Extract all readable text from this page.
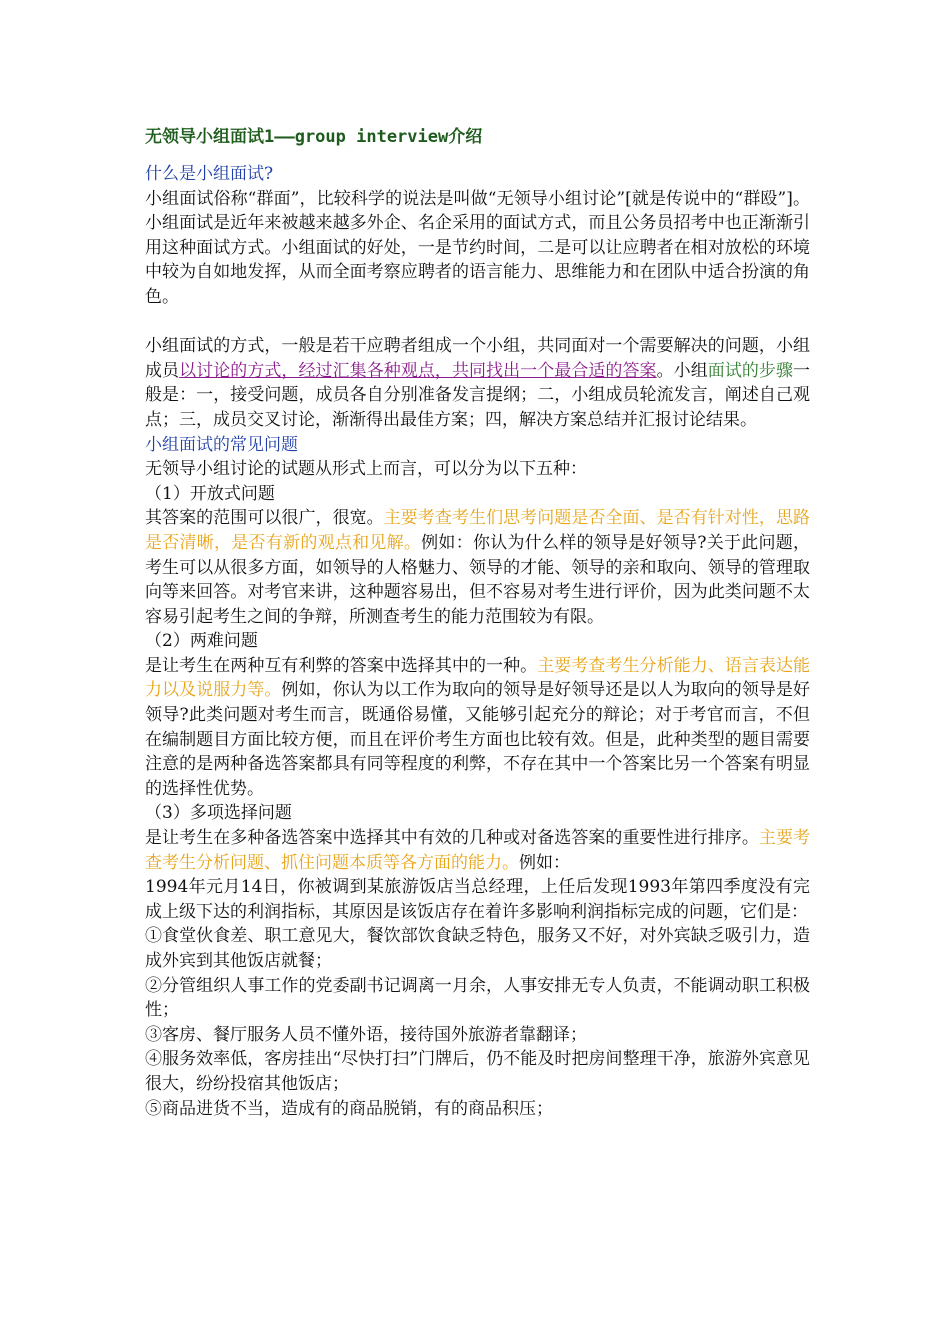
无领导小组面试1——group interview介绍

什么是小组面试?

小组面试俗称“群面”，比较科学的说法是叫做“无领导小组讨论”[就是传说中的“群殴”]。小组面试是近年来被越来越多外企、名企采用的面试方式，而且公务员招考中也正渐渐引用这种面试方式。小组面试的好处，一是节约时间，二是可以让应聘者在相对放松的环境中较为自如地发挥，从而全面考察应聘者的语言能力、思维能力和在团队中适合扮演的角色。

小组面试的方式，一般是若干应聘者组成一个小组，共同面对一个需要解决的问题，小组成员以讨论的方式，经过汇集各种观点，共同找出一个最合适的答案。小组面试的步骤一般是：一，接受问题，成员各自分别准备发言提纲；二，小组成员轮流发言，阐述自己观点；三，成员交叉讨论，渐渐得出最佳方案；四，解决方案总结并汇报讨论结果。

小组面试的常见问题

无领导小组讨论的试题从形式上而言，可以分为以下五种：

（1）开放式问题

其答案的范围可以很广，很宽。主要考查考生们思考问题是否全面、是否有针对性，思路是否清晰，是否有新的观点和见解。例如：你认为什么样的领导是好领导?关于此问题，考生可以从很多方面，如领导的人格魅力、领导的才能、领导的亲和取向、领导的管理取向等来回答。对考官来讲，这种题容易出，但不容易对考生进行评价，因为此类问题不太容易引起考生之间的争辩，所测查考生的能力范围较为有限。

（2）两难问题

是让考生在两种互有利弊的答案中选择其中的一种。主要考查考生分析能力、语言表达能力以及说服力等。例如，你认为以工作为取向的领导是好领导还是以人为取向的领导是好领导?此类问题对考生而言，既通俗易懂，又能够引起充分的辩论；对于考官而言，不但在编制题目方面比较方便，而且在评价考生方面也比较有效。但是，此种类型的题目需要注意的是两种备选答案都具有同等程度的利弊，不存在其中一个答案比另一个答案有明显的选择性优势。

（3）多项选择问题

是让考生在多种备选答案中选择其中有效的几种或对备选答案的重要性进行排序。主要考查考生分析问题、抓住问题本质等各方面的能力。例如：

1994年元月14日，你被调到某旅游饭店当总经理，上任后发现1993年第四季度没有完成上级下达的利润指标，其原因是该饭店存在着许多影响利润指标完成的问题，它们是：

①食堂伙食差、职工意见大，餐饮部饮食缺乏特色，服务又不好，对外宾缺乏吸引力，造成外宾到其他饭店就餐；

②分管组织人事工作的党委副书记调离一月余，人事安排无专人负责，不能调动职工积极性；

③客房、餐厅服务人员不懂外语，接待国外旅游者靠翻译；

④服务效率低，客房挂出“尽快打扫”门牌后，仍不能及时把房间整理干净，旅游外宾意见很大，纷纷投宿其他饭店；

⑤商品进货不当，造成有的商品脱销，有的商品积压；
